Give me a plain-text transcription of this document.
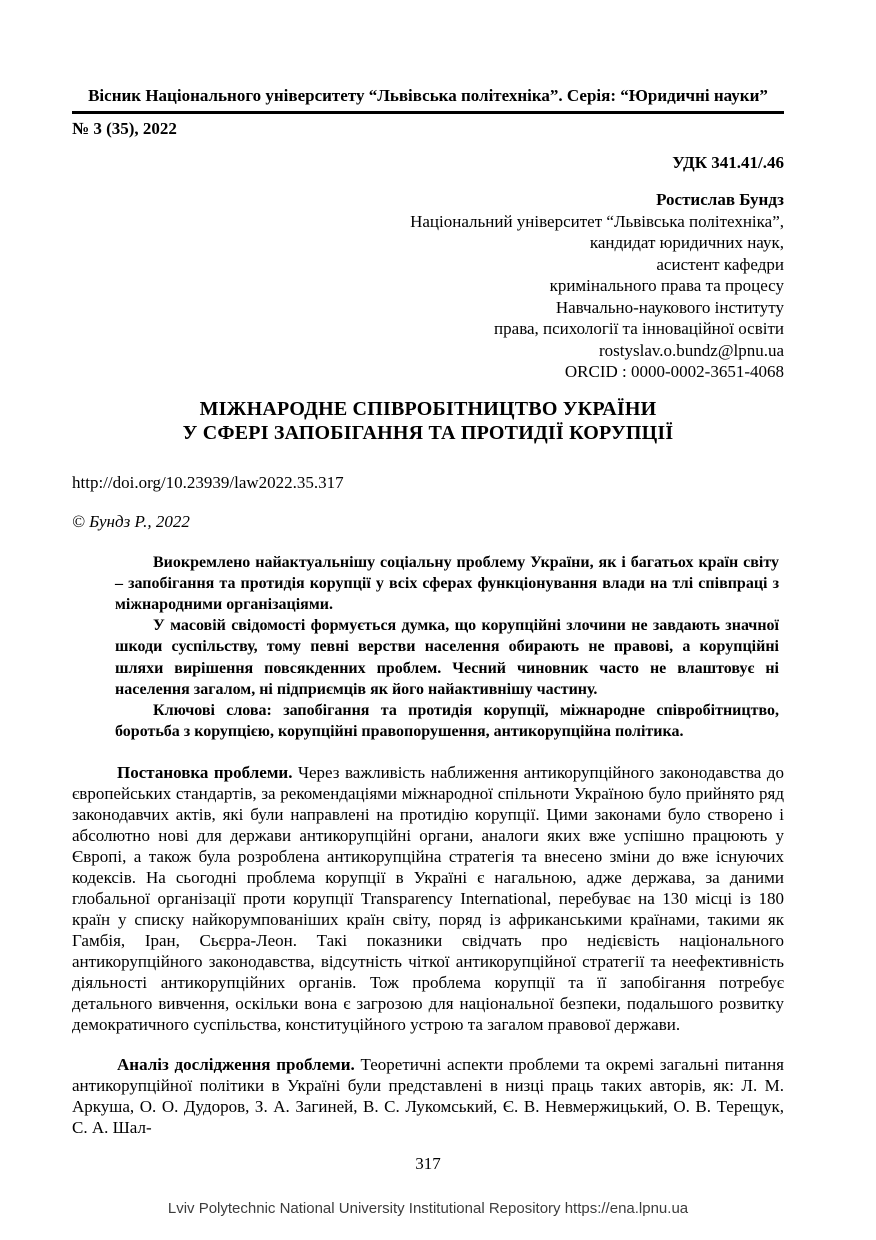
Вісник Національного університету “Львівська політехніка”. Серія: “Юридичні науки”
№ 3 (35), 2022
УДК 341.41/.46
Ростислав Бундз
Національний університет “Львівська політехніка”,
кандидат юридичних наук,
асистент кафедри
кримінального права та процесу
Навчально-наукового інституту
права, психології та інноваційної освіти
rostyslav.o.bundz@lpnu.ua
ORCID : 0000-0002-3651-4068
МІЖНАРОДНЕ СПІВРОБІТНИЦТВО УКРАЇНИ
У СФЕРІ ЗАПОБІГАННЯ ТА ПРОТИДІЇ КОРУПЦІЇ
http://doi.org/10.23939/law2022.35.317
© Бундз Р., 2022

Виокремлено найактуальнішу соціальну проблему України, як і багатьох країн світу – запобігання та протидія корупції у всіх сферах функціонування влади на тлі співпраці з міжнародними організаціями.

У масовій свідомості формується думка, що корупційні злочини не завдають значної шкоди суспільству, тому певні верстви населення обирають не правові, а корупційні шляхи вирішення повсякденних проблем. Чесний чиновник часто не влаштовує ні населення загалом, ні підприємців як його найактивнішу частину.

Ключові слова: запобігання та протидія корупції, міжнародне співробітництво, боротьба з корупцією, корупційні правопорушення, антикорупційна політика.

Постановка проблеми. Через важливість наближення антикорупційного законодавства до європейських стандартів, за рекомендаціями міжнародної спільноти Україною було прийнято ряд законодавчих актів, які були направлені на протидію корупції. Цими законами було створено і абсолютно нові для держави антикорупційні органи, аналоги яких вже успішно працюють у Європі, а також була розроблена антикорупційна стратегія та внесено зміни до вже існуючих кодексів. На сьогодні проблема корупції в Україні є нагальною, адже держава, за даними глобальної організації проти корупції Transparency International, перебуває на 130 місці із 180 країн у списку найкорумпованіших країн світу, поряд із африканськими країнами, такими як Гамбія, Іран, Сьєрра-Леон. Такі показники свідчать про недієвість національного антикорупційного законодавства, відсутність чіткої антикорупційної стратегії та неефективність діяльності антикорупційних органів. Тож проблема корупції та її запобігання потребує детального вивчення, оскільки вона є загрозою для національної безпеки, подальшого розвитку демократичного суспільства, конституційного устрою та загалом правової держави.

Аналіз дослідження проблеми. Теоретичні аспекти проблеми та окремі загальні питання антикорупційної політики в Україні були представлені в низці праць таких авторів, як: Л. М. Аркуша, О. О. Дудоров, З. А. Загиней, В. С. Лукомський, Є. В. Невмержицький, О. В. Терещук, С. А. Шал-

317
Lviv Polytechnic National University Institutional Repository https://ena.lpnu.ua
